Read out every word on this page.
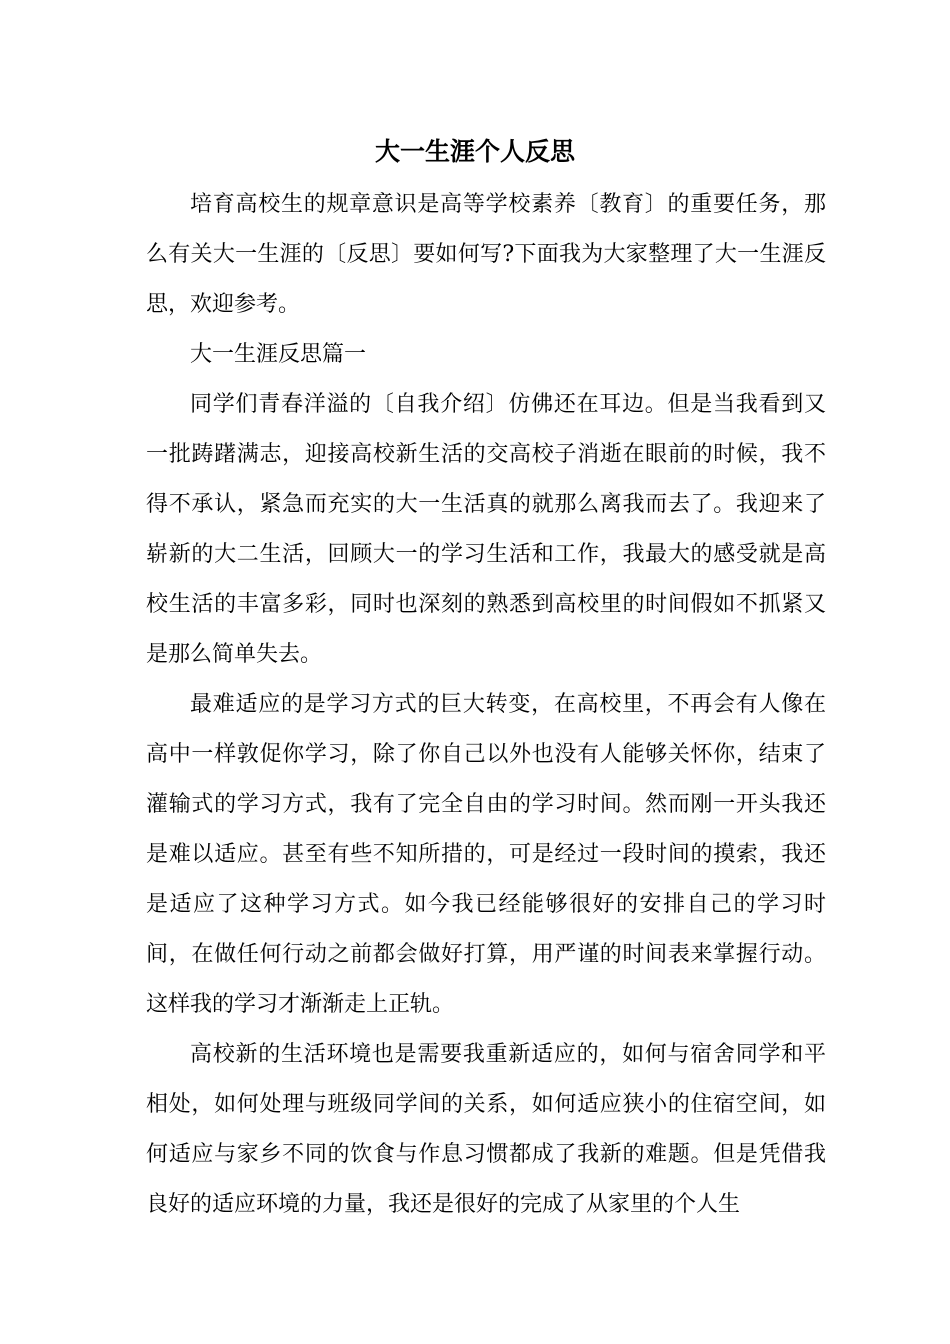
大一生涯个人反思

培育高校生的规章意识是高等学校素养〔教育〕的重要任务，那么有关大一生涯的〔反思〕要如何写?下面我为大家整理了大一生涯反思，欢迎参考。

大一生涯反思篇一

同学们青春洋溢的〔自我介绍〕仿佛还在耳边。但是当我看到又一批踌躇满志，迎接高校新生活的交高校子消逝在眼前的时候，我不得不承认，紧急而充实的大一生活真的就那么离我而去了。我迎来了崭新的大二生活，回顾大一的学习生活和工作，我最大的感受就是高校生活的丰富多彩，同时也深刻的熟悉到高校里的时间假如不抓紧又是那么简单失去。

最难适应的是学习方式的巨大转变，在高校里，不再会有人像在高中一样敦促你学习，除了你自己以外也没有人能够关怀你，结束了灌输式的学习方式，我有了完全自由的学习时间。然而刚一开头我还是难以适应。甚至有些不知所措的，可是经过一段时间的摸索，我还是适应了这种学习方式。如今我已经能够很好的安排自己的学习时间，在做任何行动之前都会做好打算，用严谨的时间表来掌握行动。这样我的学习才渐渐走上正轨。

高校新的生活环境也是需要我重新适应的，如何与宿舍同学和平相处，如何处理与班级同学间的关系，如何适应狭小的住宿空间，如何适应与家乡不同的饮食与作息习惯都成了我新的难题。但是凭借我良好的适应环境的力量，我还是很好的完成了从家里的个人生
